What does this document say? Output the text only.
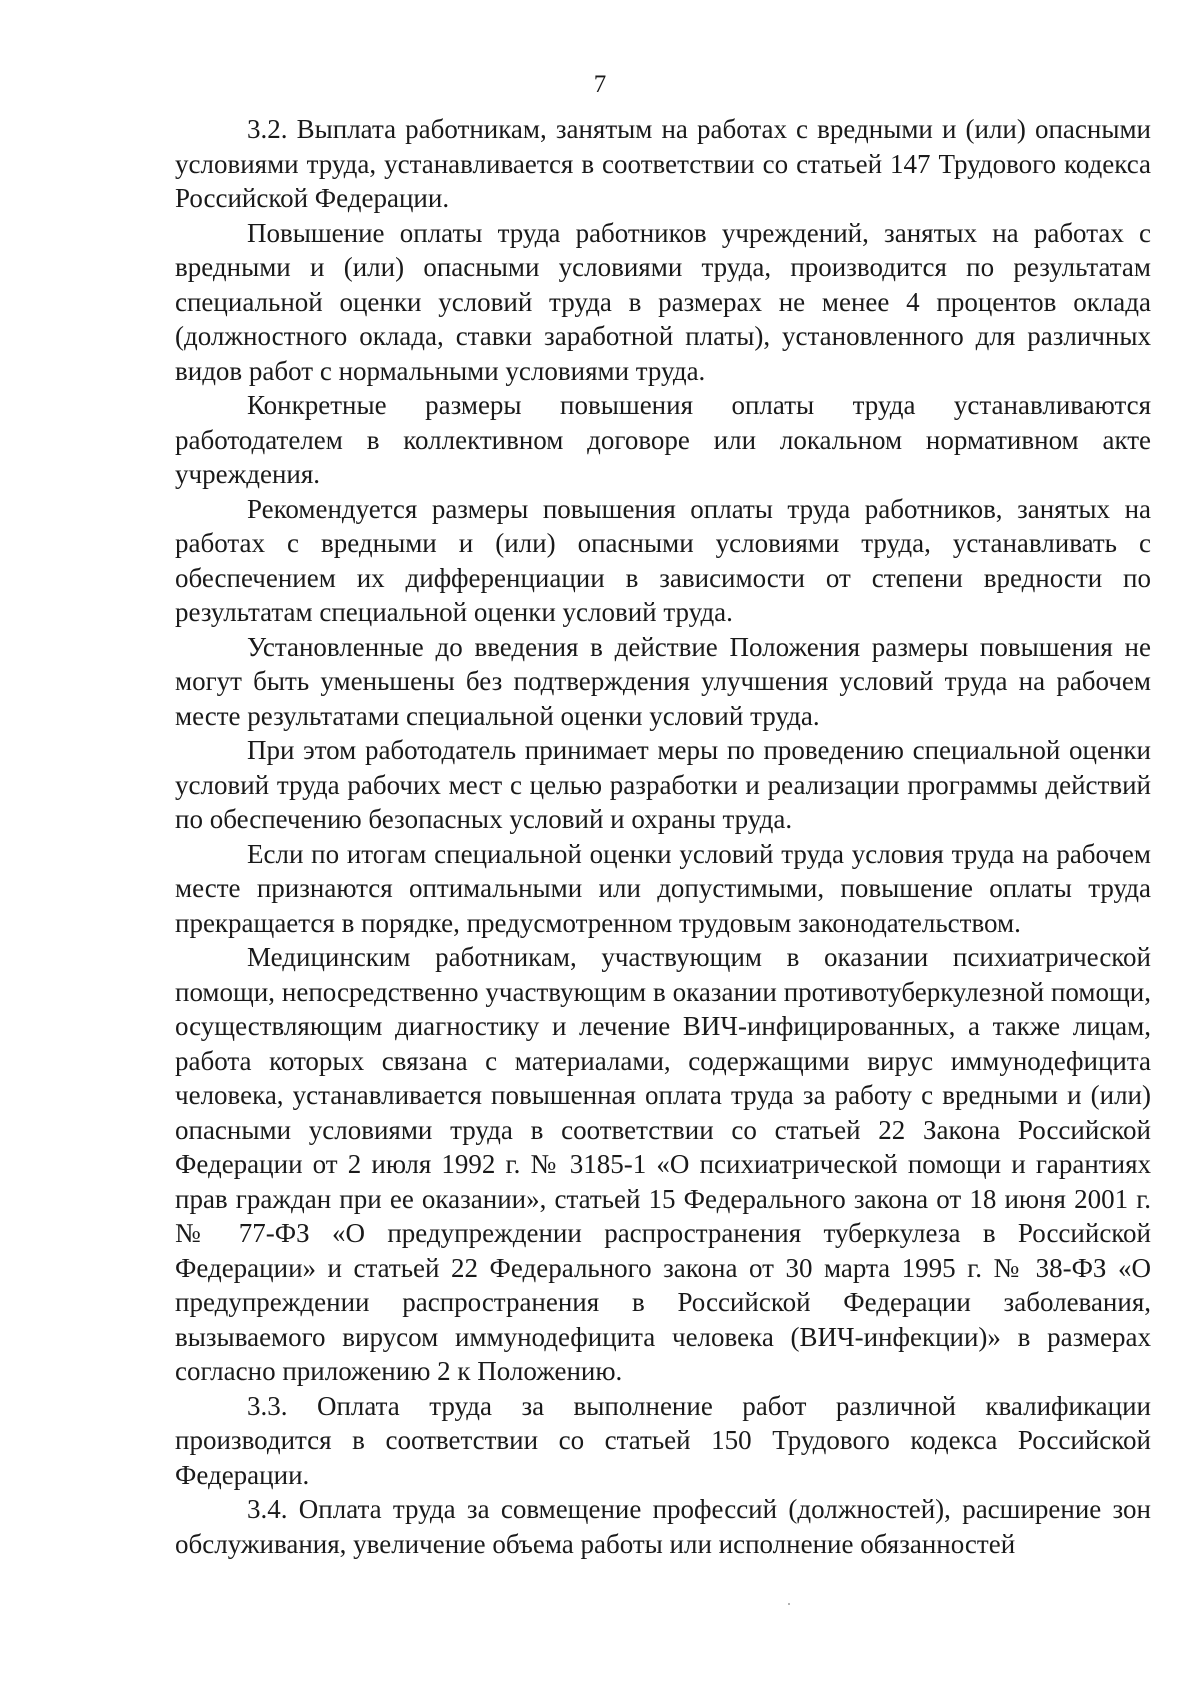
7

3.2. Выплата работникам, занятым на работах с вредными и (или) опасными условиями труда, устанавливается в соответствии со статьей 147 Трудового кодекса Российской Федерации.

Повышение оплаты труда работников учреждений, занятых на работах с вредными и (или) опасными условиями труда, производится по результатам специальной оценки условий труда в размерах не менее 4 процентов оклада (должностного оклада, ставки заработной платы), установленного для различных видов работ с нормальными условиями труда.

Конкретные размеры повышения оплаты труда устанавливаются работодателем в коллективном договоре или локальном нормативном акте учреждения.

Рекомендуется размеры повышения оплаты труда работников, занятых на работах с вредными и (или) опасными условиями труда, устанавливать с обеспечением их дифференциации в зависимости от степени вредности по результатам специальной оценки условий труда.

Установленные до введения в действие Положения размеры повышения не могут быть уменьшены без подтверждения улучшения условий труда на рабочем месте результатами специальной оценки условий труда.

При этом работодатель принимает меры по проведению специальной оценки условий труда рабочих мест с целью разработки и реализации программы действий по обеспечению безопасных условий и охраны труда.

Если по итогам специальной оценки условий труда условия труда на рабочем месте признаются оптимальными или допустимыми, повышение оплаты труда прекращается в порядке, предусмотренном трудовым законодательством.

Медицинским работникам, участвующим в оказании психиатрической помощи, непосредственно участвующим в оказании противотуберкулезной помощи, осуществляющим диагностику и лечение ВИЧ-инфицированных, а также лицам, работа которых связана с материалами, содержащими вирус иммунодефицита человека, устанавливается повышенная оплата труда за работу с вредными и (или) опасными условиями труда в соответствии со статьей 22 Закона Российской Федерации от 2 июля 1992 г. № 3185-1 «О психиатрической помощи и гарантиях прав граждан при ее оказании», статьей 15 Федерального закона от 18 июня 2001 г. № 77-ФЗ «О предупреждении распространения туберкулеза в Российской Федерации» и статьей 22 Федерального закона от 30 марта 1995 г. № 38-ФЗ «О предупреждении распространения в Российской Федерации заболевания, вызываемого вирусом иммунодефицита человека (ВИЧ-инфекции)» в размерах согласно приложению 2 к Положению.

3.3. Оплата труда за выполнение работ различной квалификации производится в соответствии со статьей 150 Трудового кодекса Российской Федерации.

3.4. Оплата труда за совмещение профессий (должностей), расширение зон обслуживания, увеличение объема работы или исполнение обязанностей
